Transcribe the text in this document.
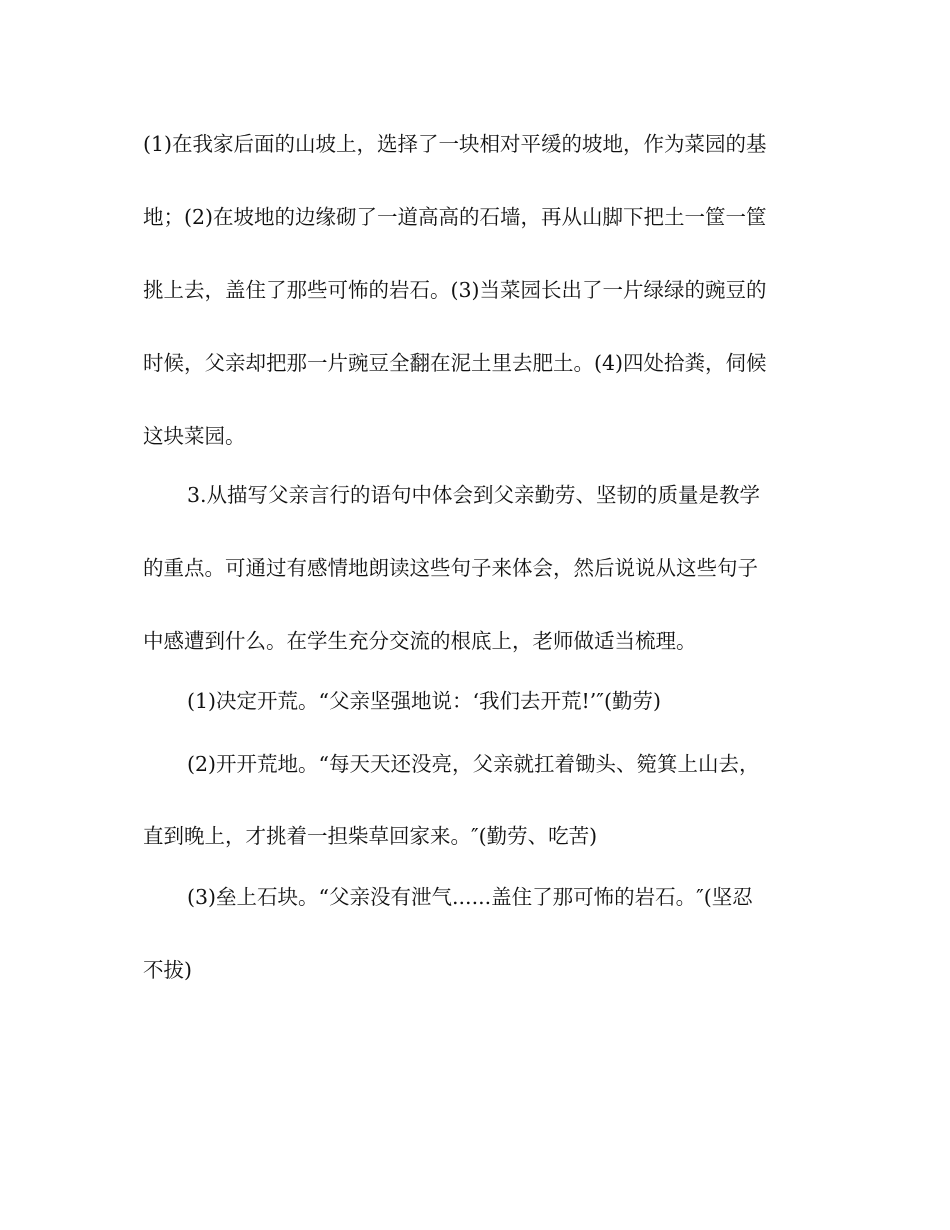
(1)在我家后面的山坡上，选择了一块相对平缓的坡地，作为菜园的基
地；(2)在坡地的边缘砌了一道高高的石墙，再从山脚下把土一筐一筐
挑上去，盖住了那些可怖的岩石。(3)当菜园长出了一片绿绿的豌豆的
时候，父亲却把那一片豌豆全翻在泥土里去肥土。(4)四处拾粪，伺候
这块菜园。
3.从描写父亲言行的语句中体会到父亲勤劳、坚韧的质量是教学
的重点。可通过有感情地朗读这些句子来体会，然后说说从这些句子
中感遭到什么。在学生充分交流的根底上，老师做适当梳理。
(1)决定开荒。“父亲坚强地说：‘我们去开荒!’″(勤劳)
(2)开开荒地。“每天天还没亮，父亲就扛着锄头、箢箕上山去，
直到晚上，才挑着一担柴草回家来。″(勤劳、吃苦)
(3)垒上石块。“父亲没有泄气......盖住了那可怖的岩石。″(坚忍
不拔)
